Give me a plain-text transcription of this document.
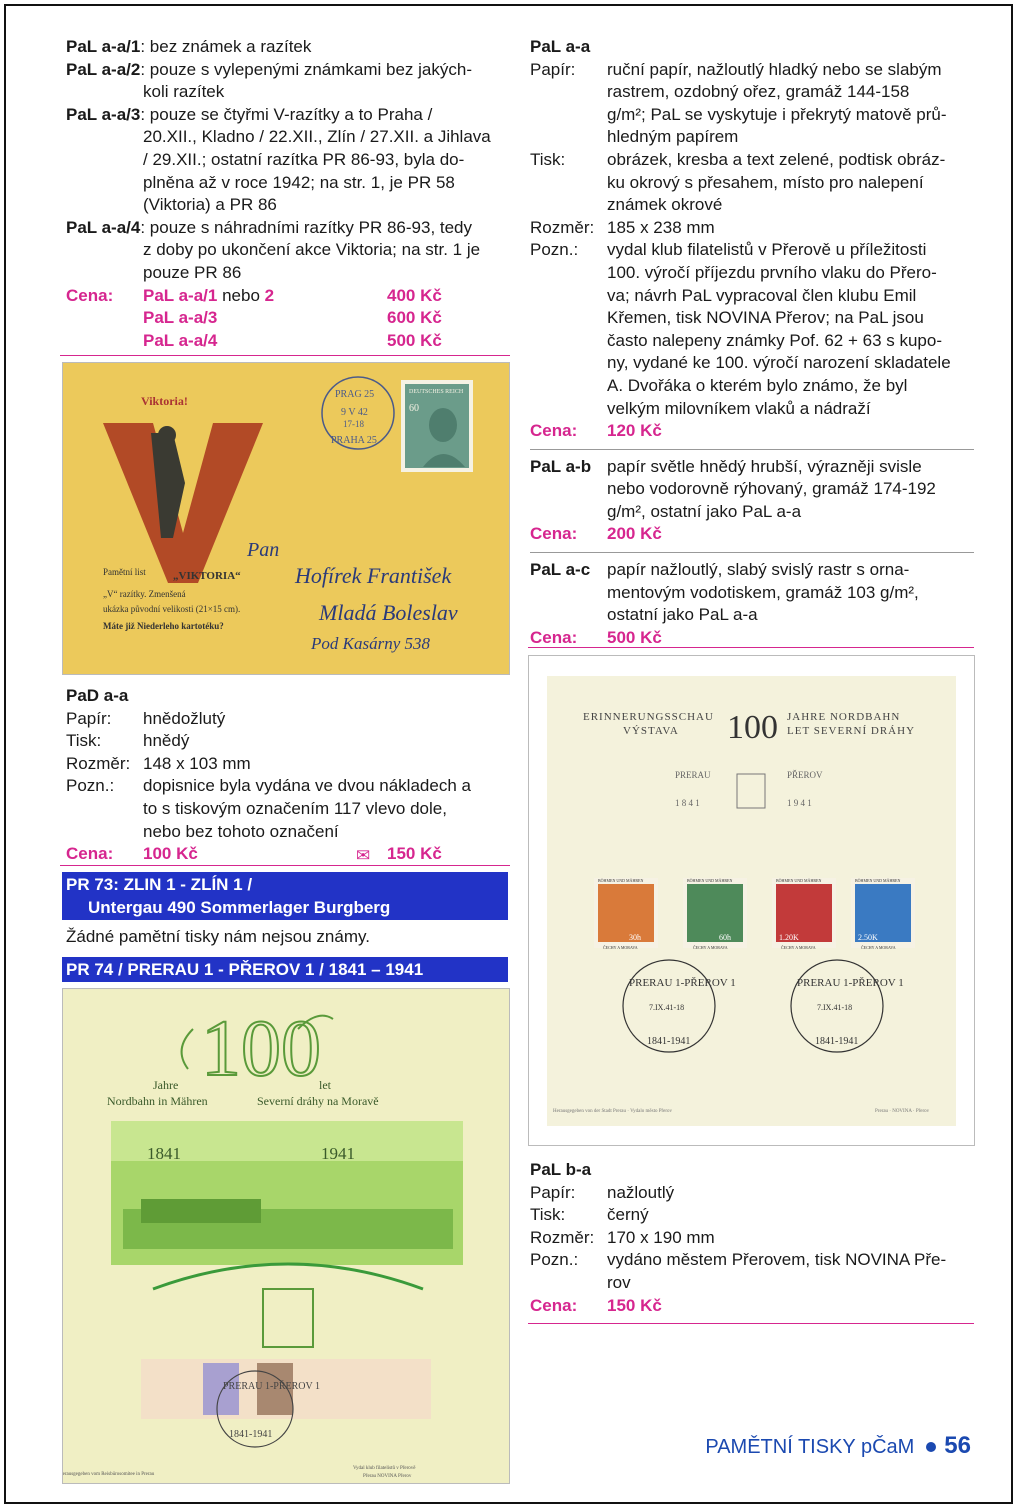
PaL a-a/1 : bez známek a razítek
PaL a-a/2: pouze s vylepenými známkami bez jakých-
koli razítek
PaL a-a/3 : pouze se čtyřmi V-razítky a to Praha /
20.XII., Kladno / 22.XII., Zlín / 27.XII. a Jihlava
/ 29.XII.; ostatní razítka PR 86-93, byla do-
plněna až v roce 1942; na str. 1, je PR 58
(Viktoria) a PR 86
PaL a-a/4 : pouze s náhradními razítky PR 86-93, tedy
z doby po ukončení akce Viktoria; na str. 1 je
pouze PR 86
Cena: PaL a-a/1 nebo 2	400 Kč
PaL a-a/3	600 Kč
PaL a-a/4	500 Kč
Viktoria!
Pamětní list „VIKTORIA“
„V“ razítky. Zmenšená
ukázka původní velikosti (21×15 cm).
Máte již Niederleho kartotéku?
PRAG 25
9 V 42
17-18
PRAHA 25
DEUTSCHES REICH
60
Pan
Hofírek František
Mladá Boleslav
Pod Kasárny 538
PaD a-a
Papír:	hnědožlutý
Tisk:	hnědý
Rozměr: 148 x 103 mm
Pozn.:	dopisnice byla vydána ve dvou nákladech a
to s tiskovým označením 117 vlevo dole,
nebo bez tohoto označení
Cena: 100 Kč	✉ 150 Kč
PR 73: ZLIN 1 - ZLÍN 1 /
Untergau 490 Sommerlager Burgberg
Žádné pamětní tisky nám nejsou známy.
PR 74 / PRERAU 1 - PŘEROV 1 / 1841 – 1941
100
Jahre
Nordbahn in Mähren
let
Severní dráhy na Moravě
1841	1941
PRERAU 1-PŘEROV 1
1841-1941
Herausgegeben vom Reisbürosomitee in Prerau
Vydal klub filatelistů v Přerově
Přerau NOVINA Přerov
PaL a-a
Papír:	ruční papír, nažloutlý hladký nebo se slabým
rastrem, ozdobný ořez, gramáž 144-158
g/m²; PaL se vyskytuje i překrytý matově prů-
hledným papírem
Tisk:	obrázek, kresba a text zelené, podtisk obráz-
ku okrový s přesahem, místo pro nalepení
známek okrové
Rozměr: 185 x 238 mm
Pozn.:	vydal klub filatelistů v Přerově u příležitosti
100. výročí příjezdu prvního vlaku do Přero-
va; návrh PaL vypracoval člen klubu Emil
Křemen, tisk NOVINA Přerov; na PaL jsou
často nalepeny známky Pof. 62 + 63 s kupo-
ny, vydané ke 100. výročí narození skladatele
A. Dvořáka o kterém bylo známo, že byl
velkým milovníkem vlaků a nádraží
Cena:	120 Kč
PaL a-b papír světle hnědý hrubší, výrazněji svisle
nebo vodorovně rýhovaný, gramáž 174-192
g/m², ostatní jako PaL a-a
Cena:	200 Kč
PaL a-c papír nažloutlý, slabý svislý rastr s orna-
mentovým vodotiskem, gramáž 103 g/m²,
ostatní jako PaL a-a
Cena:	500 Kč
ERINNERUNGSSCHAU
VÝSTAVA 100 JAHRE NORDBAHN
LET SEVERNÍ DRÁHY
PRERAU	PŘEROV
1 8 4 1	1 9 4 1
BÖHMEN UND MÄHREN
30h
ČECHY A MORAVA
BÖHMEN UND MÄHREN
60h
ČECHY A MORAVA
BÖHMEN UND MÄHREN
1.20K
ČECHY A MORAVA
BÖHMEN UND MÄHREN
2.50K
ČECHY A MORAVA
PRERAU 1-PŘEROV 1
7.IX.41-18
1841-1941
PRERAU 1-PŘEROV 1
7.IX.41-18
1841-1941
Herausgegeben von der Stadt Prerau · Vydalo město Přerov	Prerau · NOVINA · Přerov
PaL b-a
Papír:	nažloutlý
Tisk:	černý
Rozměr: 170 x 190 mm
Pozn.:	vydáno městem Přerovem, tisk NOVINA Pře-
rov
Cena:	150 Kč
PAMĚTNÍ TISKY pČaM 56
